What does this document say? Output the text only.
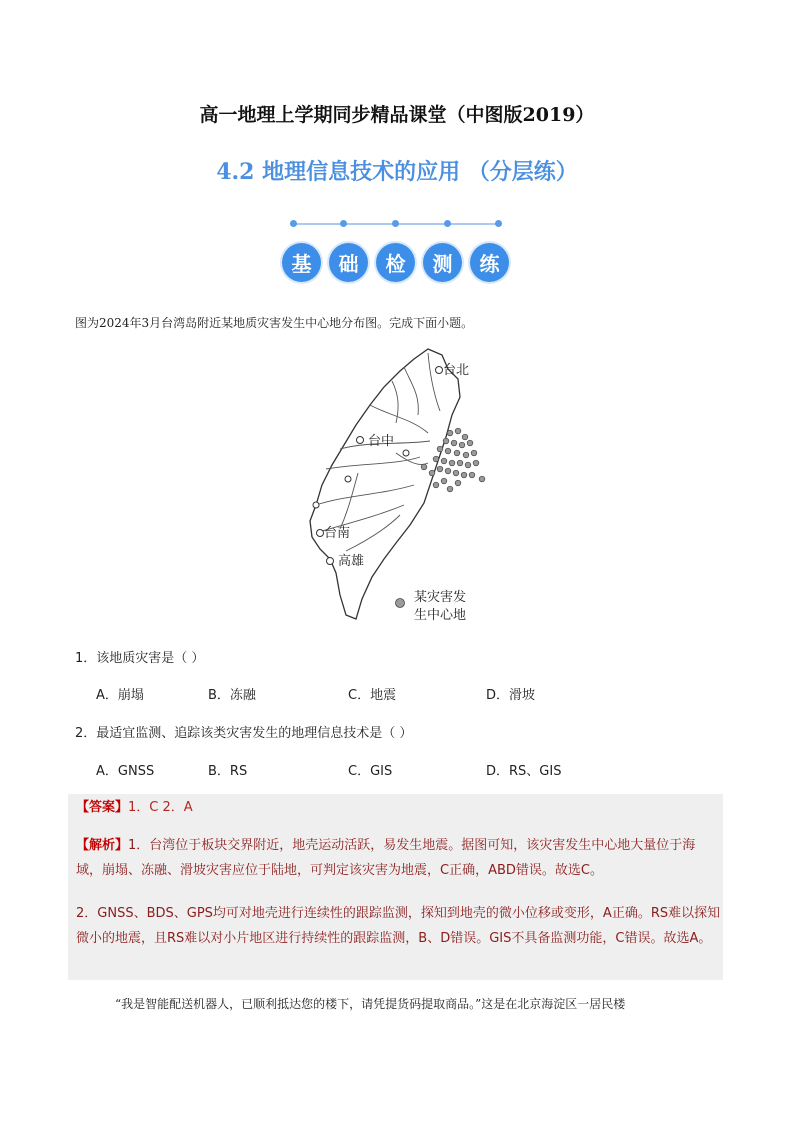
高一地理上学期同步精品课堂（中图版2019）
4.2 地理信息技术的应用 （分层练）
基	础	检	测	练
图为2024年3月台湾岛附近某地质灾害发生中心地分布图。完成下面小题。
台北
台中
台南
高雄
某灾害发
生中心地
1．该地质灾害是（ ）
A．崩塌	B．冻融	C．地震	D．滑坡
2．最适宜监测、追踪该类灾害发生的地理信息技术是（ ）
A．GNSS	B．RS	C．GIS	D．RS、GIS
【答案】1．C 2．A
【解析】1．台湾位于板块交界附近，地壳运动活跃，易发生地震。据图可知，该灾害发生中心地大量位于海域，崩塌、冻融、滑坡灾害应位于陆地，可判定该灾害为地震，C正确，ABD错误。故选C。
2．GNSS、BDS、GPS均可对地壳进行连续性的跟踪监测，探知到地壳的微小位移或变形，A正确。RS难以探知微小的地震，且RS难以对小片地区进行持续性的跟踪监测，B、D错误。GIS不具备监测功能，C错误。故选A。
“我是智能配送机器人，已顺利抵达您的楼下，请凭提货码提取商品。”这是在北京海淀区一居民楼
